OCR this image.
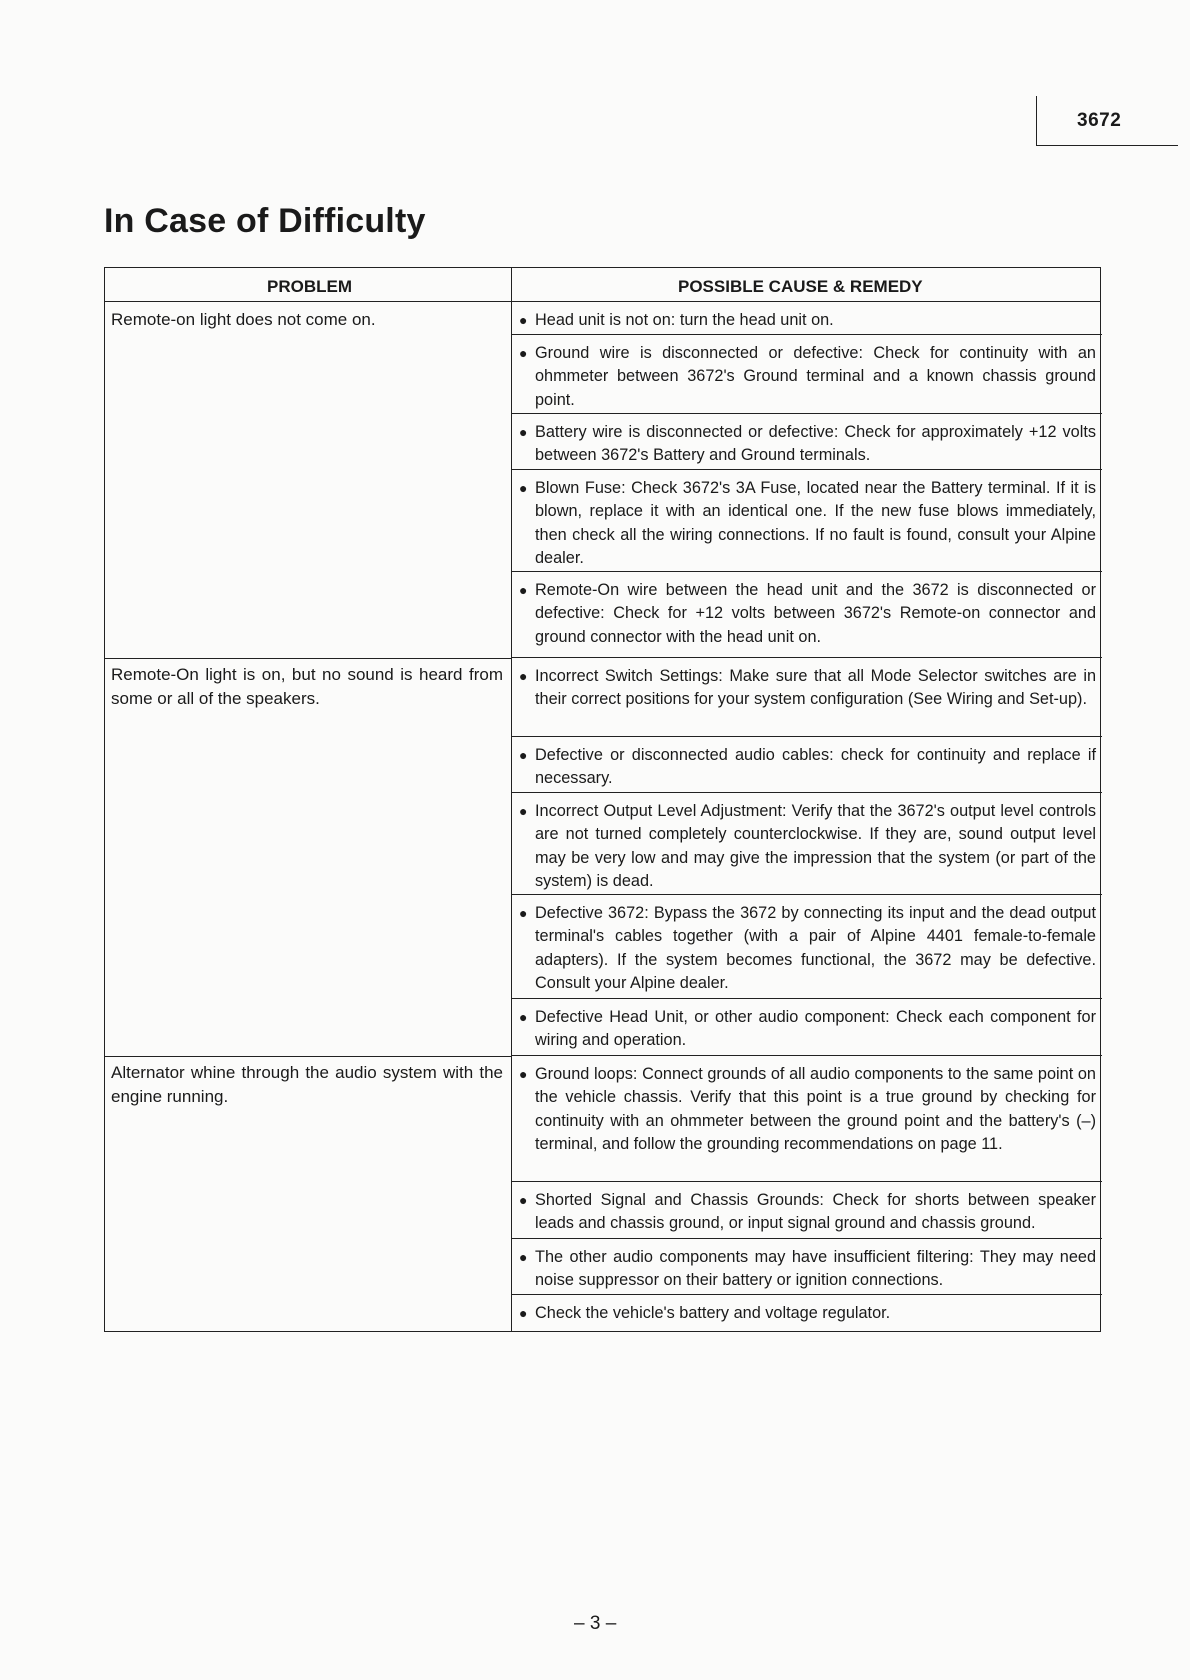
3672
In Case of Difficulty
PROBLEM	POSSIBLE CAUSE & REMEDY
Remote-on light does not come on.
Remote-On light is on, but no sound is heard from some or all of the speakers.
Alternator whine through the audio system with the engine running.
● Head unit is not on: turn the head unit on.
● Ground wire is disconnected or defective: Check for continuity with an ohmmeter between 3672's Ground terminal and a known chassis ground point.
● Battery wire is disconnected or defective: Check for approximately +12 volts between 3672's Battery and Ground terminals.
● Blown Fuse: Check 3672's 3A Fuse, located near the Battery terminal. If it is blown, replace it with an identical one. If the new fuse blows immediately, then check all the wiring connections. If no fault is found, consult your Alpine dealer.
● Remote-On wire between the head unit and the 3672 is disconnected or defective: Check for +12 volts between 3672's Remote-on connector and ground connector with the head unit on.
● Incorrect Switch Settings: Make sure that all Mode Selector switches are in their correct positions for your system configuration (See Wiring and Set-up).
● Defective or disconnected audio cables: check for continuity and replace if necessary.
● Incorrect Output Level Adjustment: Verify that the 3672's output level controls are not turned completely counterclockwise. If they are, sound output level may be very low and may give the impression that the system (or part of the system) is dead.
● Defective 3672: Bypass the 3672 by connecting its input and the dead output terminal's cables together (with a pair of Alpine 4401 female-to-female adapters). If the system becomes functional, the 3672 may be defective. Consult your Alpine dealer.
● Defective Head Unit, or other audio component: Check each component for wiring and operation.
● Ground loops: Connect grounds of all audio components to the same point on the vehicle chassis. Verify that this point is a true ground by checking for continuity with an ohmmeter between the ground point and the battery's (–) terminal, and follow the grounding recommendations on page 11.
● Shorted Signal and Chassis Grounds: Check for shorts between speaker leads and chassis ground, or input signal ground and chassis ground.
● The other audio components may have insufficient filtering: They may need noise suppressor on their battery or ignition connections.
● Check the vehicle's battery and voltage regulator.
– 3 –
